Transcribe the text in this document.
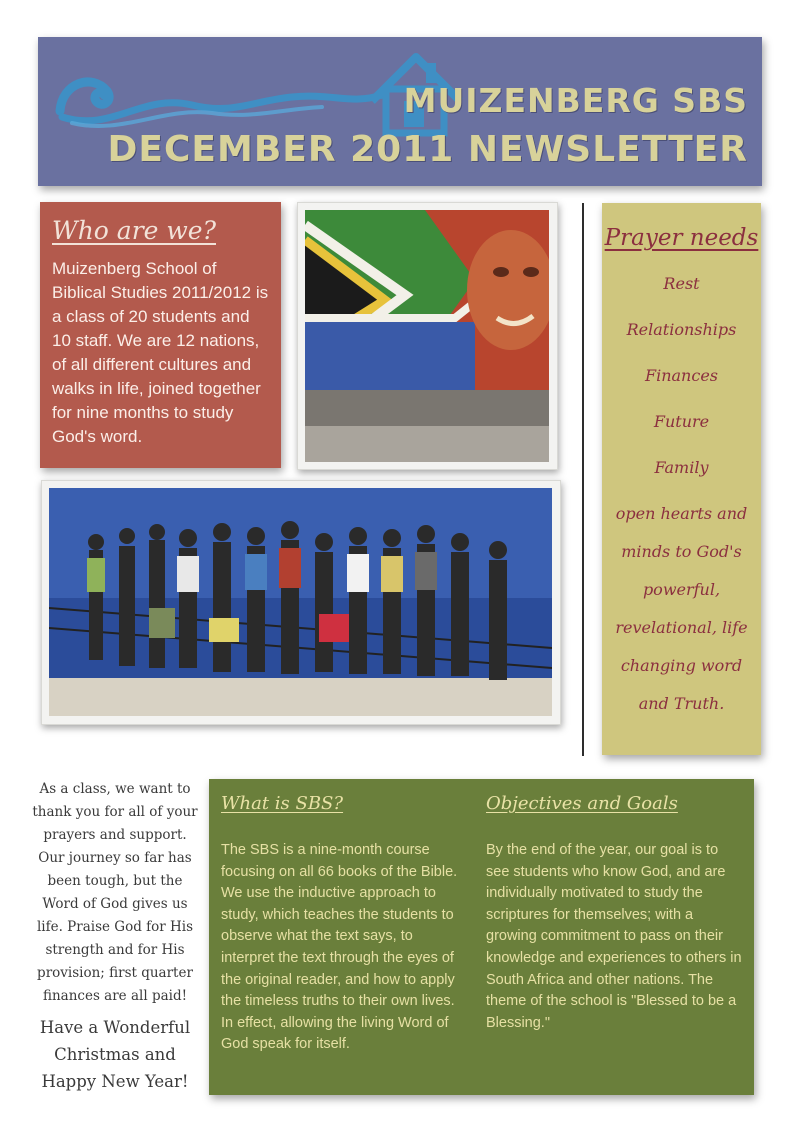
MUIZENBERG SBS
DECEMBER 2011 NEWSLETTER
Who are we?

Muizenberg School of Biblical Studies 2011/2012 is a class of 20 students and 10 staff. We are 12 nations, of all different cultures and walks in life, joined together for nine months to study God's word.

Prayer needs
Rest
Relationships
Finances
Future
Family
open hearts and minds to God's powerful, revelational, life changing word and Truth.

As a class, we want to thank you for all of your prayers and support. Our journey so far has been tough, but the Word of God gives us life. Praise God for His strength and for His provision; first quarter finances are all paid!

Have a Wonderful Christmas and Happy New Year!

What is SBS?

The SBS is a nine-month course focusing on all 66 books of the Bible. We use the inductive approach to study, which teaches the students to observe what the text says, to interpret the text through the eyes of the original reader, and how to apply the timeless truths to their own lives. In effect, allowing the living Word of God speak for itself.

Objectives and Goals

By the end of the year, our goal is to see students who know God, and are individually motivated to study the scriptures for themselves; with a growing commitment to pass on their knowledge and experiences to others in South Africa and other nations. The theme of the school is "Blessed to be a Blessing."
